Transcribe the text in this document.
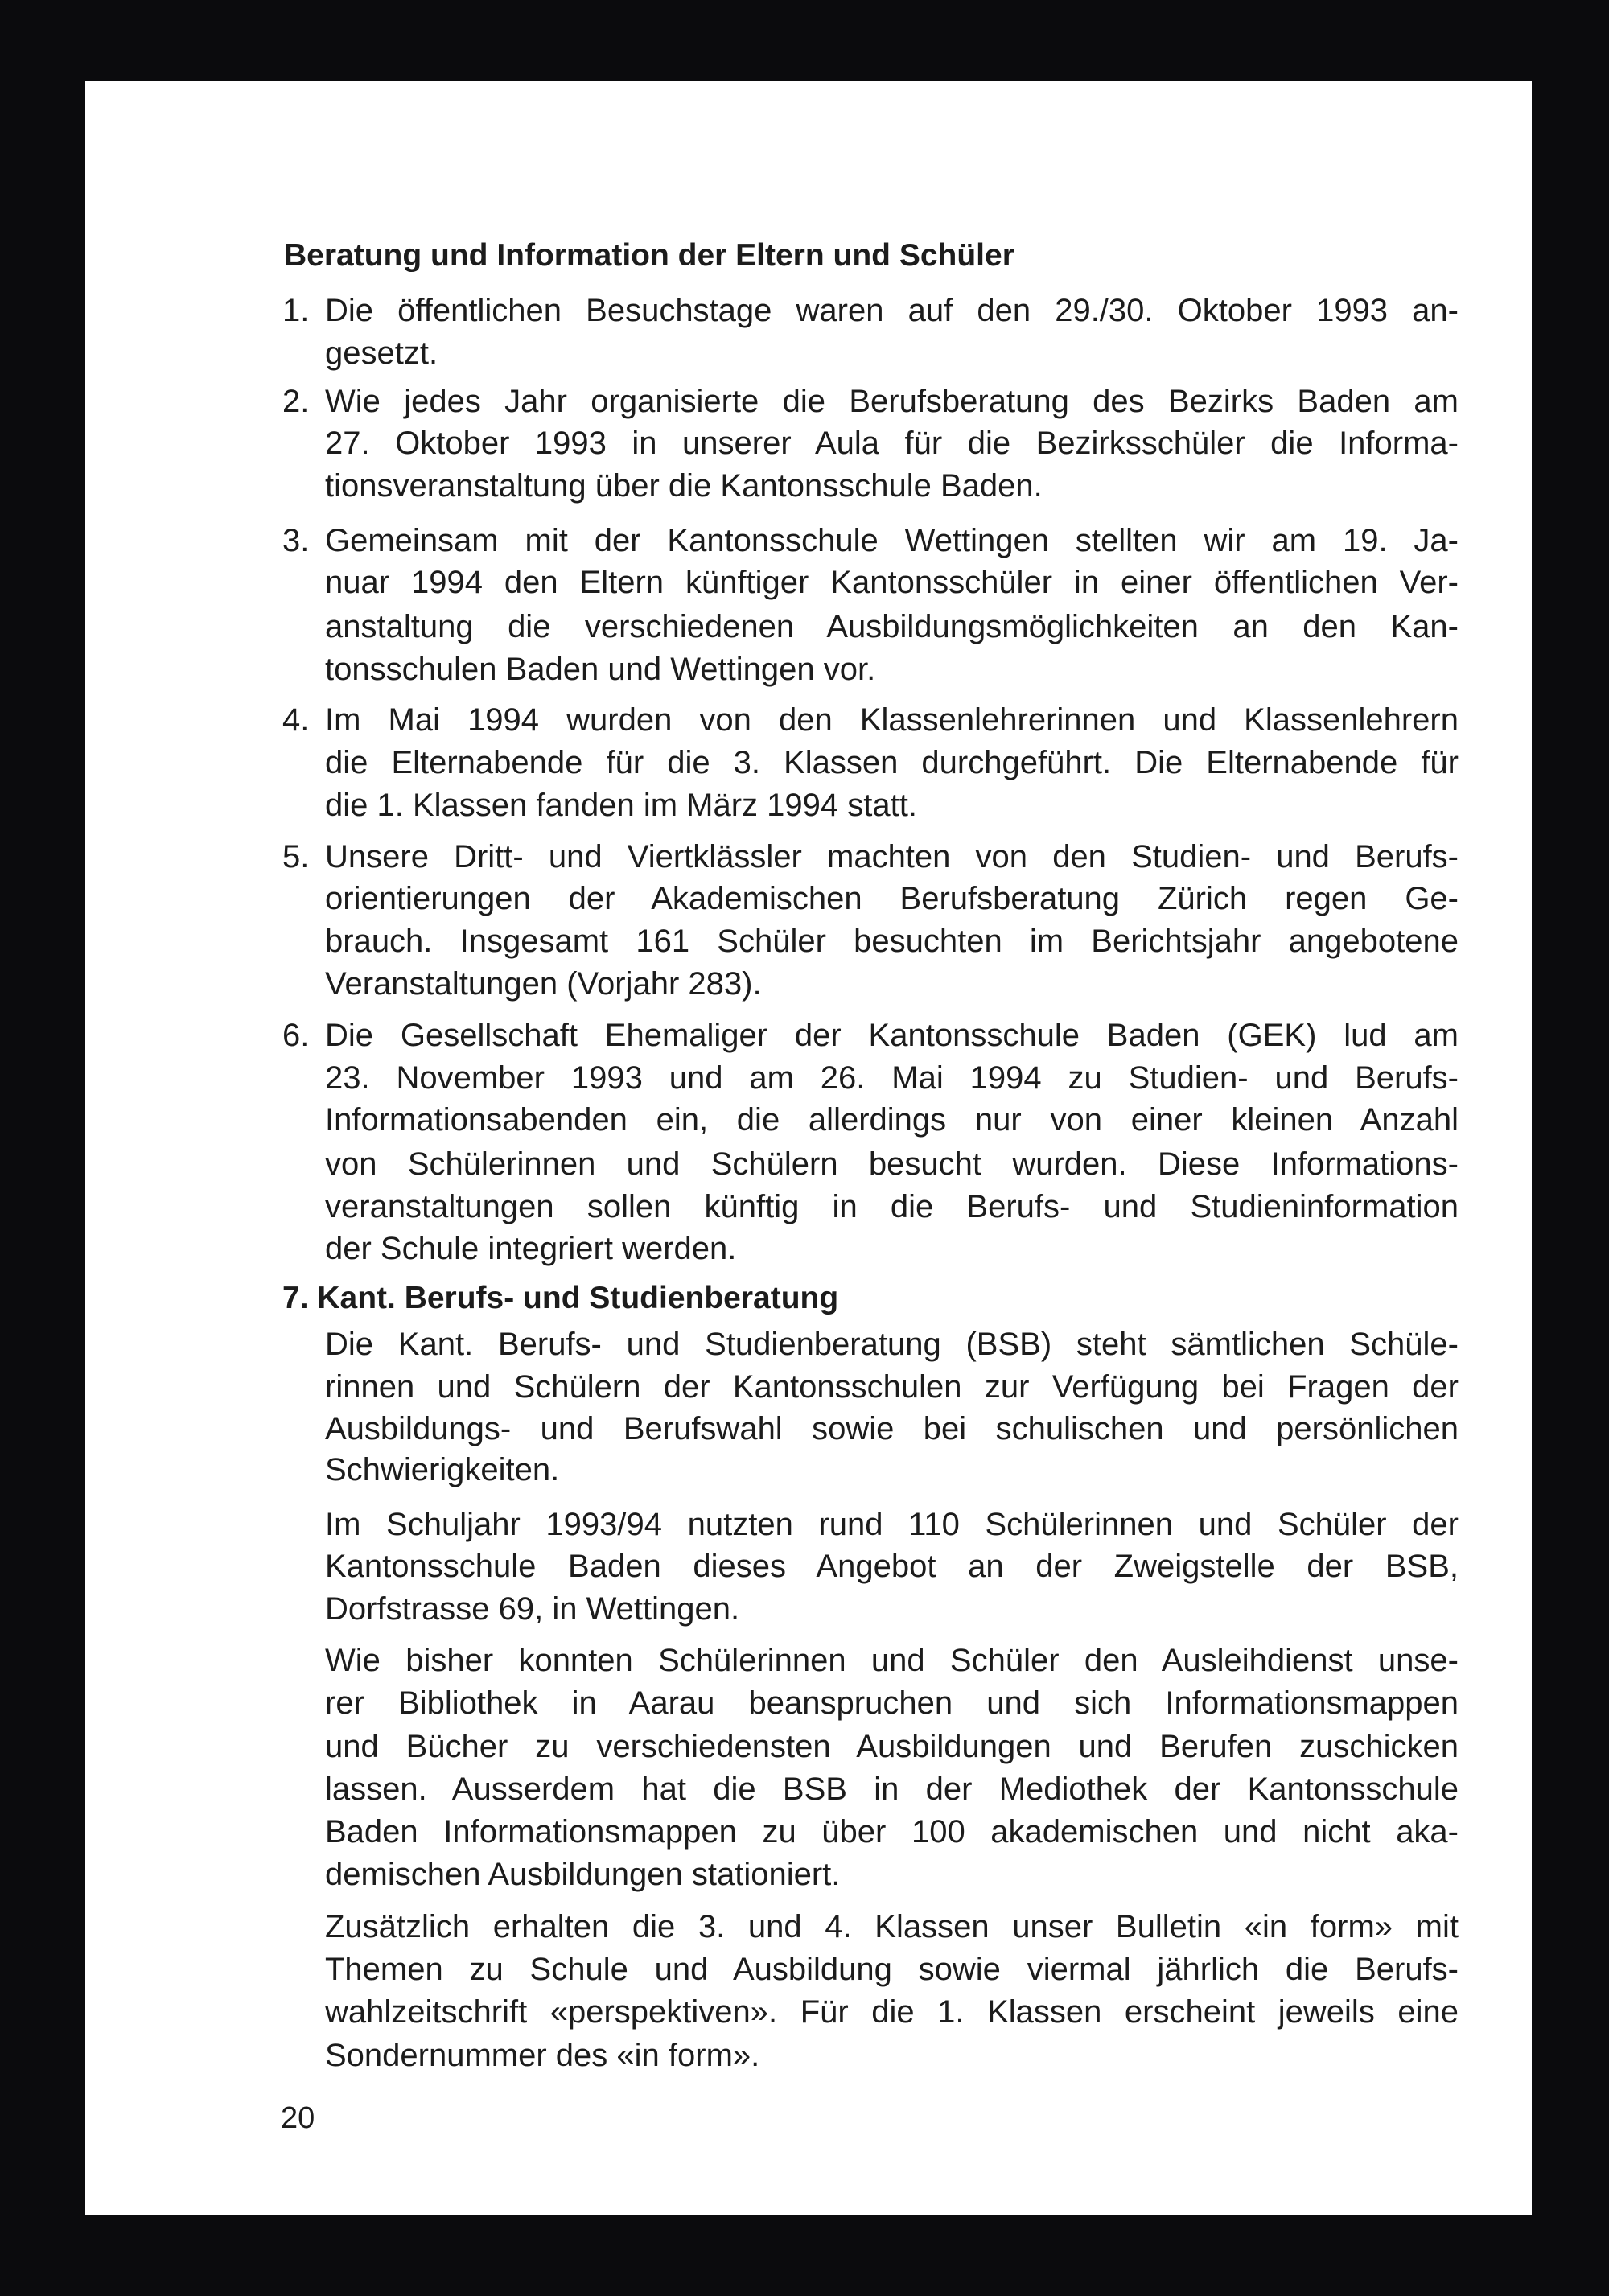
Beratung und Information der Eltern und Schüler
1. Die öffentlichen Besuchstage waren auf den 29./30. Oktober 1993 an-
gesetzt.
2. Wie jedes Jahr organisierte die Berufsberatung des Bezirks Baden am
27. Oktober 1993 in unserer Aula für die Bezirksschüler die Informa-
tionsveranstaltung über die Kantonsschule Baden.
3. Gemeinsam mit der Kantonsschule Wettingen stellten wir am 19. Ja-
nuar 1994 den Eltern künftiger Kantonsschüler in einer öffentlichen Ver-
anstaltung die verschiedenen Ausbildungsmöglichkeiten an den Kan-
tonsschulen Baden und Wettingen vor.
4. Im Mai 1994 wurden von den Klassenlehrerinnen und Klassenlehrern
die Elternabende für die 3. Klassen durchgeführt. Die Elternabende für
die 1. Klassen fanden im März 1994 statt.
5. Unsere Dritt- und Viertklässler machten von den Studien- und Berufs-
orientierungen der Akademischen Berufsberatung Zürich regen Ge-
brauch. Insgesamt 161 Schüler besuchten im Berichtsjahr angebotene
Veranstaltungen (Vorjahr 283).
6. Die Gesellschaft Ehemaliger der Kantonsschule Baden (GEK) lud am
23. November 1993 und am 26. Mai 1994 zu Studien- und Berufs-
Informationsabenden ein, die allerdings nur von einer kleinen Anzahl
von Schülerinnen und Schülern besucht wurden. Diese Informations-
veranstaltungen sollen künftig in die Berufs- und Studieninformation
der Schule integriert werden.
7. Kant. Berufs- und Studienberatung
Die Kant. Berufs- und Studienberatung (BSB) steht sämtlichen Schüle-
rinnen und Schülern der Kantonsschulen zur Verfügung bei Fragen der
Ausbildungs- und Berufswahl sowie bei schulischen und persönlichen
Schwierigkeiten.
Im Schuljahr 1993/94 nutzten rund 110 Schülerinnen und Schüler der
Kantonsschule Baden dieses Angebot an der Zweigstelle der BSB,
Dorfstrasse 69, in Wettingen.
Wie bisher konnten Schülerinnen und Schüler den Ausleihdienst unse-
rer Bibliothek in Aarau beanspruchen und sich Informationsmappen
und Bücher zu verschiedensten Ausbildungen und Berufen zuschicken
lassen. Ausserdem hat die BSB in der Mediothek der Kantonsschule
Baden Informationsmappen zu über 100 akademischen und nicht aka-
demischen Ausbildungen stationiert.
Zusätzlich erhalten die 3. und 4. Klassen unser Bulletin «in form» mit
Themen zu Schule und Ausbildung sowie viermal jährlich die Berufs-
wahlzeitschrift «perspektiven». Für die 1. Klassen erscheint jeweils eine
Sondernummer des «in form».
20
